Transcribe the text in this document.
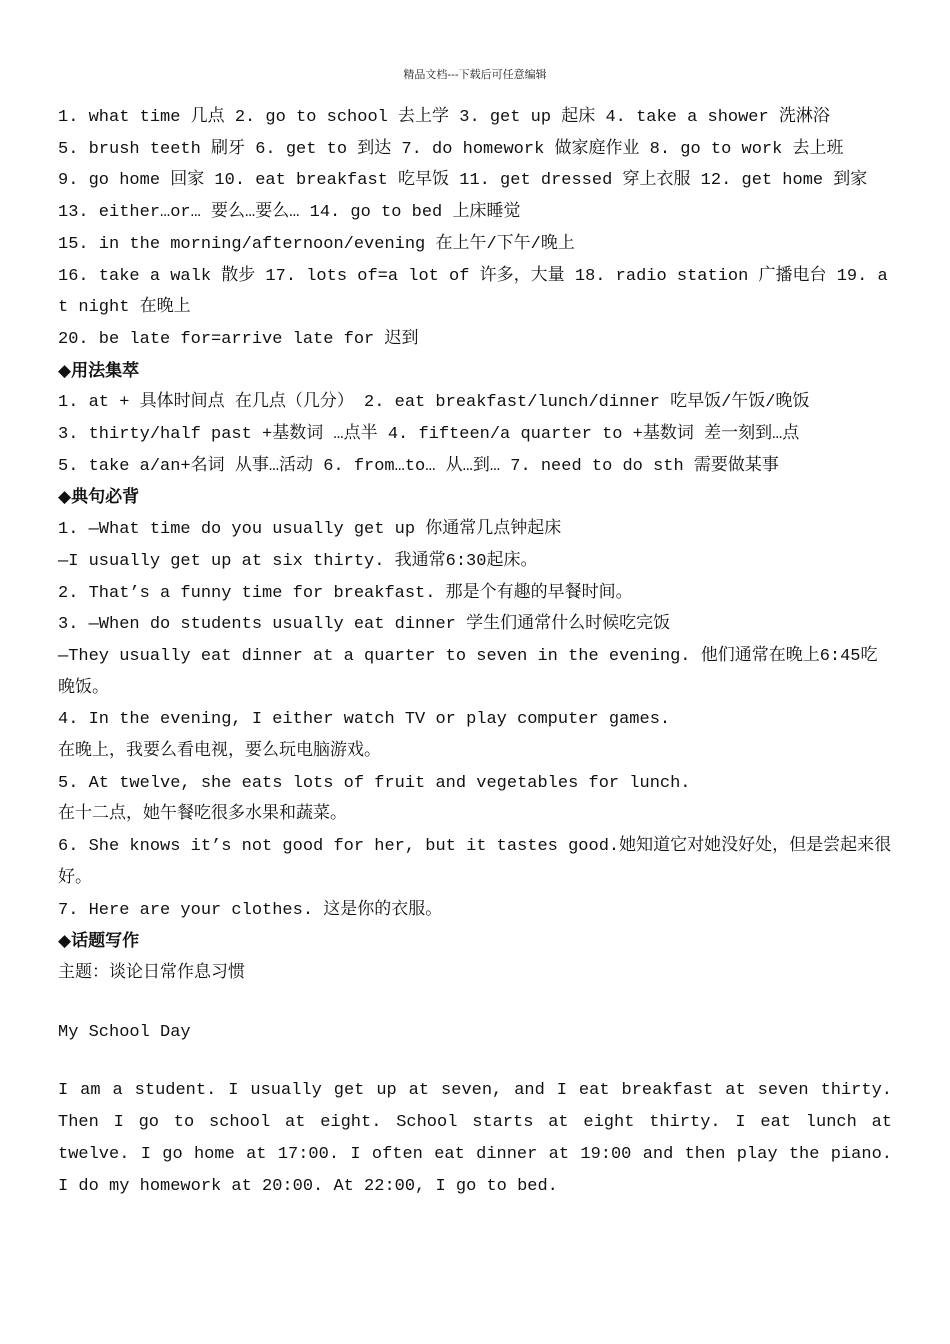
精品文档---下载后可任意编辑
1. what time 几点 2. go to school 去上学 3. get up 起床 4. take a shower 洗淋浴
5. brush teeth 刷牙 6. get to 到达 7. do homework 做家庭作业 8. go to work 去上班
9. go home 回家 10. eat breakfast 吃早饭 11. get dressed 穿上衣服 12. get home 到家
13. either…or… 要么…要么… 14. go to bed 上床睡觉
15. in the morning/afternoon/evening 在上午/下午/晚上
16. take a walk 散步 17. lots of=a lot of 许多，大量 18. radio station 广播电台 19. at night 在晚上
20. be late for=arrive late for 迟到
◆用法集萃
1. at + 具体时间点 在几点（几分） 2. eat breakfast/lunch/dinner 吃早饭/午饭/晚饭
3. thirty/half past +基数词 …点半 4. fifteen/a quarter to +基数词 差一刻到…点
5. take a/an+名词 从事…活动 6. from…to… 从…到… 7. need to do sth 需要做某事
◆典句必背
1. —What time do you usually get up 你通常几点钟起床
—I usually get up at six thirty. 我通常6:30起床。
2. That’s a funny time for breakfast. 那是个有趣的早餐时间。
3. —When do students usually eat dinner 学生们通常什么时候吃完饭
—They usually eat dinner at a quarter to seven in the evening. 他们通常在晚上6:45吃晚饭。
4. In the evening, I either watch TV or play computer games.
在晚上，我要么看电视，要么玩电脑游戏。
5. At twelve, she eats lots of fruit and vegetables for lunch.
在十二点，她午餐吃很多水果和蔬菜。
6. She knows it’s not good for her, but it tastes good.她知道它对她没好处，但是尝起来很好。
7. Here are your clothes. 这是你的衣服。
◆话题写作
主题：谈论日常作息习惯
My School Day
I am a student. I usually get up at seven, and I eat breakfast at seven thirty. Then I go to school at eight. School starts at eight thirty. I eat lunch at twelve. I go home at 17:00. I often eat dinner at 19:00 and then play the piano. I do my homework at 20:00. At 22:00, I go to bed.
